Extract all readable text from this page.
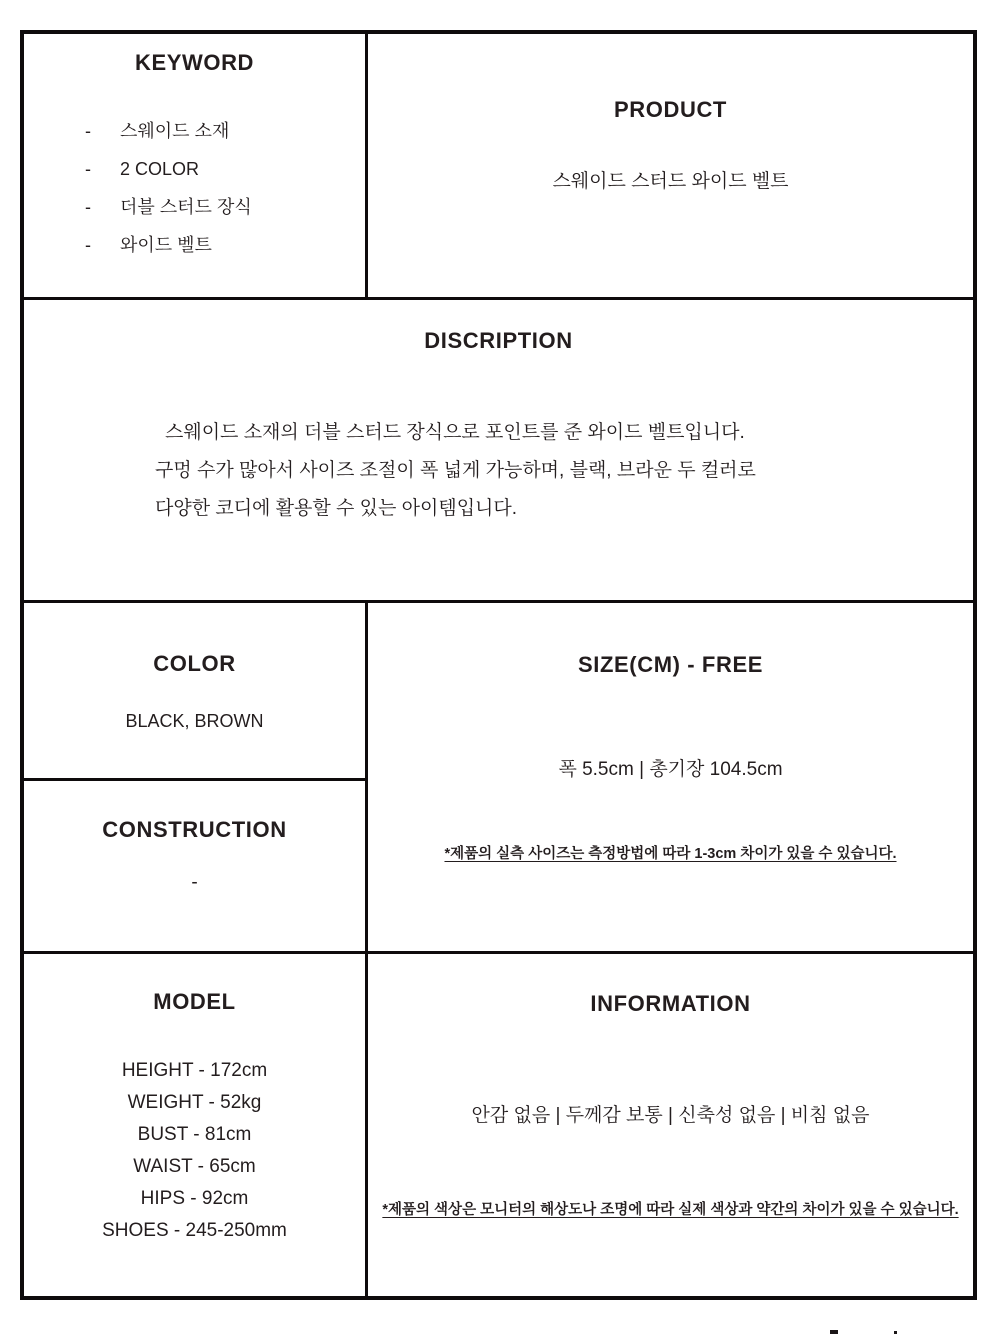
KEYWORD
-	스웨이드 소재
-	2 COLOR
-	더블 스터드 장식
-	와이드 벨트
PRODUCT
스웨이드 스터드 와이드 벨트
DISCRIPTION
스웨이드 소재의 더블 스터드 장식으로 포인트를 준 와이드 벨트입니다.
구멍 수가 많아서 사이즈 조절이 폭 넓게 가능하며, 블랙, 브라운 두 컬러로
다양한 코디에 활용할 수 있는 아이템입니다.
COLOR
BLACK, BROWN
CONSTRUCTION
-
SIZE(CM) - FREE
폭 5.5cm | 총기장 104.5cm
*제품의 실측 사이즈는 측정방법에 따라 1-3cm 차이가 있을 수 있습니다.
MODEL
HEIGHT - 172cm
WEIGHT - 52kg
BUST - 81cm
WAIST - 65cm
HIPS - 92cm
SHOES - 245-250mm
INFORMATION
안감 없음 | 두께감 보통 | 신축성 없음 | 비침 없음
*제품의 색상은 모니터의 해상도나 조명에 따라 실제 색상과 약간의 차이가 있을 수 있습니다.
